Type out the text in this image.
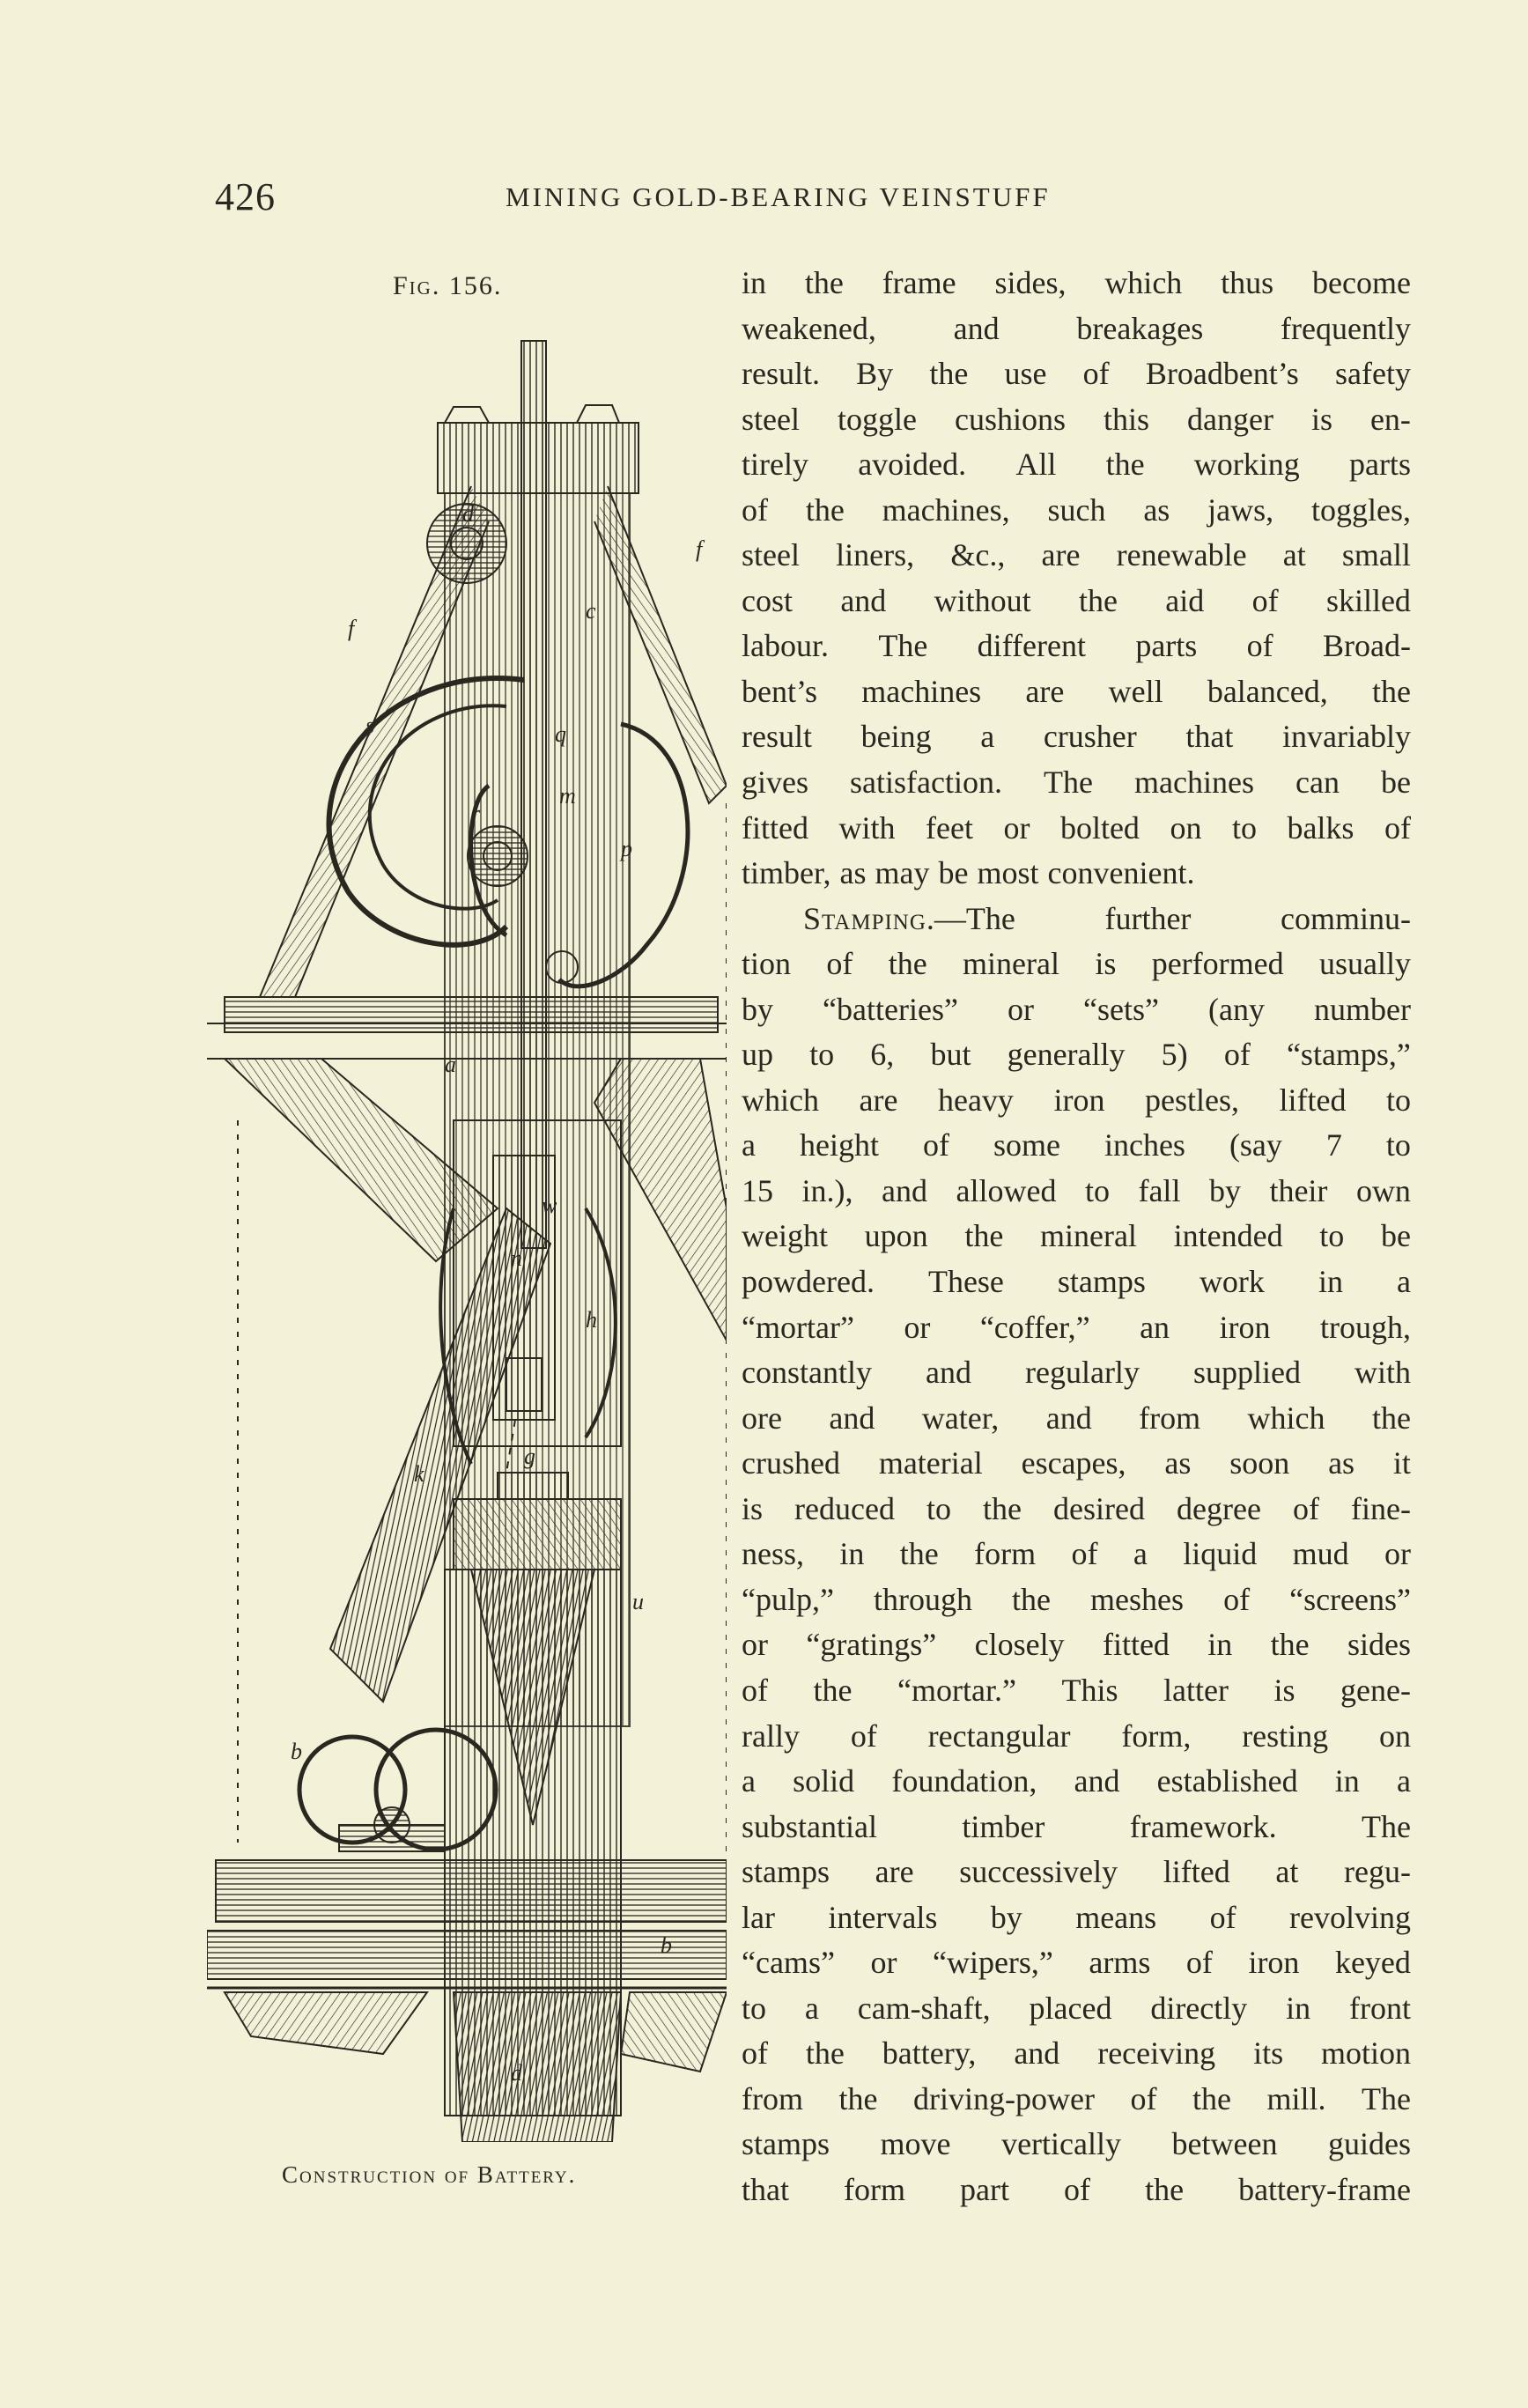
426	MINING GOLD-BEARING VEINSTUFF
Fig. 156.
d
f
f
c
s
r
q
m
p
a
w
n
h
k
g
u
b
b
d
Construction of Battery.
in the frame sides, which thus become
weakened, and breakages frequently
result. By the use of Broadbent’s safety
steel toggle cushions this danger is en-
tirely avoided. All the working parts
of the machines, such as jaws, toggles,
steel liners, &c., are renewable at small
cost and without the aid of skilled
labour. The different parts of Broad-
bent’s machines are well balanced, the
result being a crusher that invariably
gives satisfaction. The machines can be
fitted with feet or bolted on to balks of
timber, as may be most convenient.
Stamping.—The	further	comminu-
tion of the mineral is performed usually
by “batteries” or “sets” (any number
up to 6, but generally 5) of “stamps,”
which are heavy iron pestles, lifted to
a height of some inches (say 7 to
15 in.), and allowed to fall by their own
weight upon the mineral intended to be
powdered. These stamps work in a
“mortar” or “coffer,” an iron trough,
constantly and regularly supplied with
ore and water, and from which the
crushed material escapes, as soon as it
is reduced to the desired degree of fine-
ness, in the form of a liquid mud or
“pulp,” through the meshes of “screens”
or “gratings” closely fitted in the sides
of the “mortar.” This latter is gene-
rally of rectangular form, resting on
a solid foundation, and established in a
substantial	timber	framework.	The
stamps are successively lifted at regu-
lar intervals by means of revolving
“cams” or “wipers,” arms of iron keyed
to a cam-shaft, placed directly in front
of the battery, and receiving its motion
from the driving-power of the mill. The
stamps move vertically between guides
that form part of the battery-frame
